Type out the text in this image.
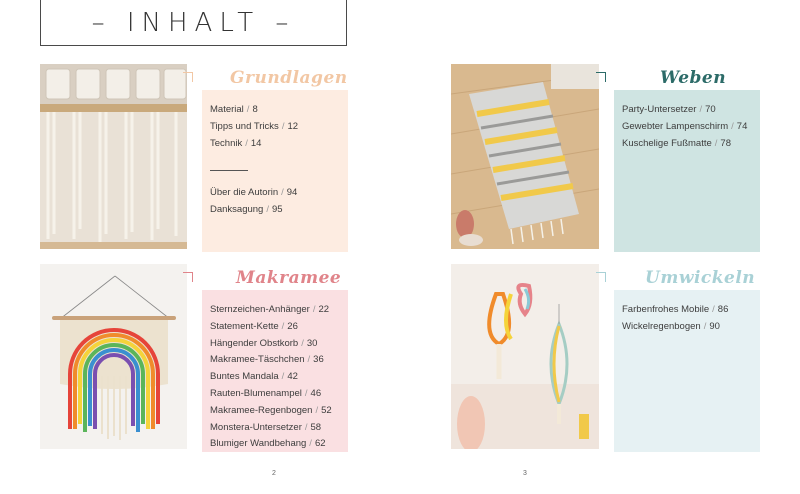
– INHALT –
Grundlagen
Material / 8
Tipps und Tricks / 12
Technik / 14
Über die Autorin / 94
Danksagung / 95
Makramee
Sternzeichen-Anhänger / 22
Statement-Kette / 26
Hängender Obstkorb / 30
Makramee-Täschchen / 36
Buntes Mandala / 42
Rauten-Blumenampel / 46
Makramee-Regenbogen / 52
Monstera-Untersetzer / 58
Blumiger Wandbehang / 62
Weben
Party-Untersetzer / 70
Gewebter Lampenschirm / 74
Kuschelige Fußmatte / 78
Umwickeln
Farbenfrohes Mobile / 86
Wickelregenbogen / 90
2	3
